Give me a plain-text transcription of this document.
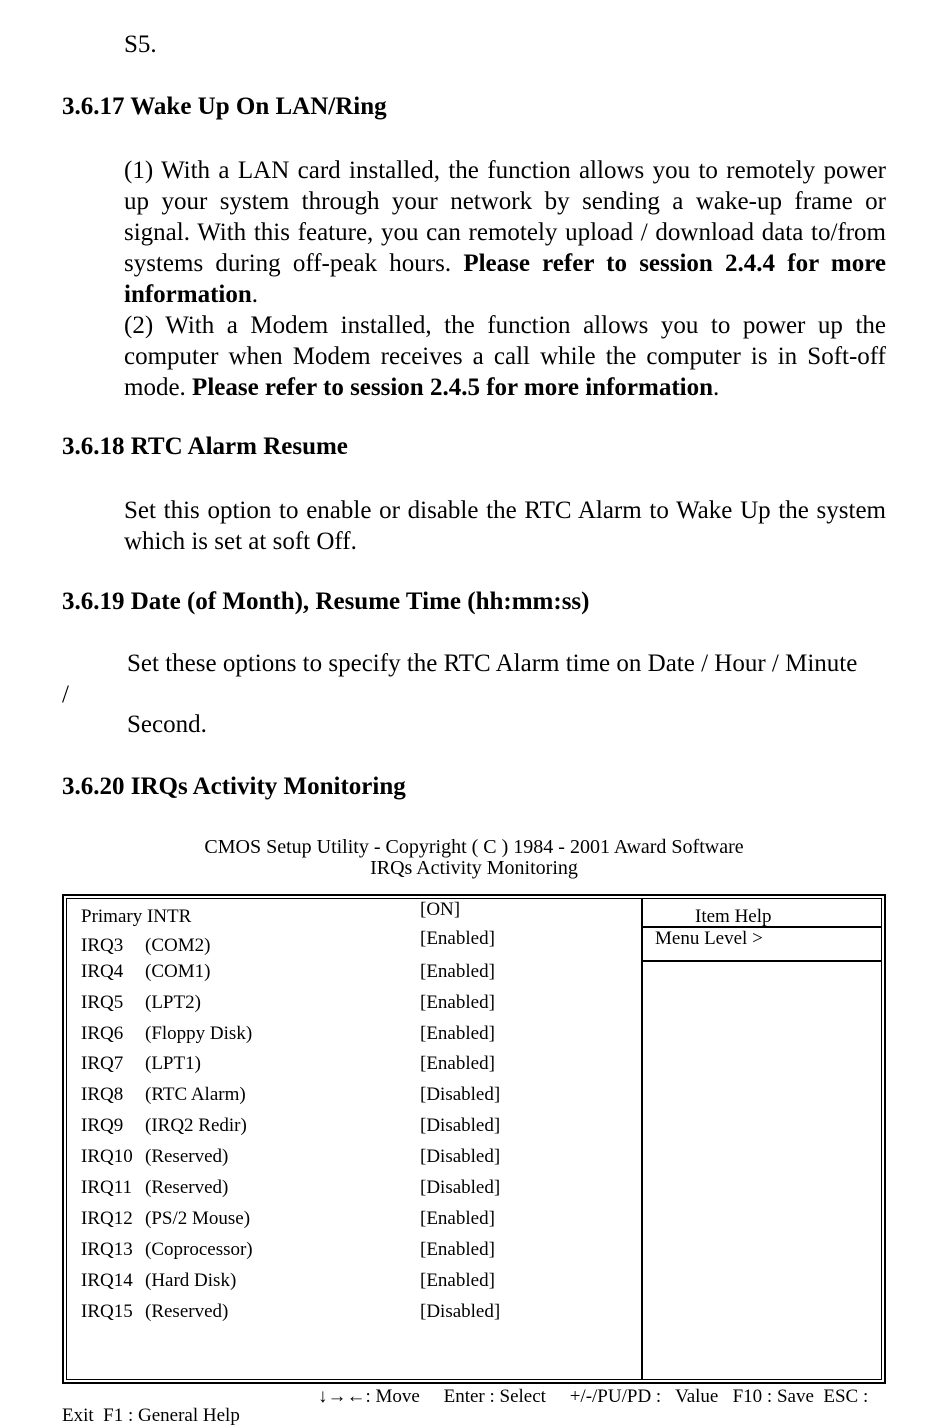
S5.
3.6.17 Wake Up On LAN/Ring
(1) With a LAN card installed, the function allows you to remotely power up your system through your network by sending a wake-up frame or signal. With this feature, you can remotely upload / download data to/from systems during off-peak hours. Please refer to session 2.4.4 for more information.
(2) With a Modem installed, the function allows you to power up the computer when Modem receives a call while the computer is in Soft-off mode. Please refer to session 2.4.5 for more information.
3.6.18 RTC Alarm Resume
Set this option to enable or disable the RTC Alarm to Wake Up the system which is set at soft Off.
3.6.19 Date (of Month), Resume Time (hh:mm:ss)
Set these options to specify the RTC Alarm time on Date / Hour / Minute
/
Second.
3.6.20 IRQs Activity Monitoring
CMOS Setup Utility - Copyright ( C ) 1984 - 2001 Award Software
IRQs Activity Monitoring
Primary INTR	[ON]	Item Help
Menu Level >
IRQ3 (COM2)	[Enabled]
IRQ4 (COM1)	[Enabled]
IRQ5 (LPT2)	[Enabled]
IRQ6 (Floppy Disk)	[Enabled]
IRQ7 (LPT1)	[Enabled]
IRQ8 (RTC Alarm)	[Disabled]
IRQ9 (IRQ2 Redir)	[Disabled]
IRQ10 (Reserved)	[Disabled]
IRQ11 (Reserved)	[Disabled]
IRQ12 (PS/2 Mouse)	[Enabled]
IRQ13 (Coprocessor)	[Enabled]
IRQ14 (Hard Disk)	[Enabled]
IRQ15 (Reserved)	[Disabled]
↓→←: Move     Enter : Select     +/-/PU/PD :   Value   F10 : Save  ESC :
Exit  F1 : General Help
